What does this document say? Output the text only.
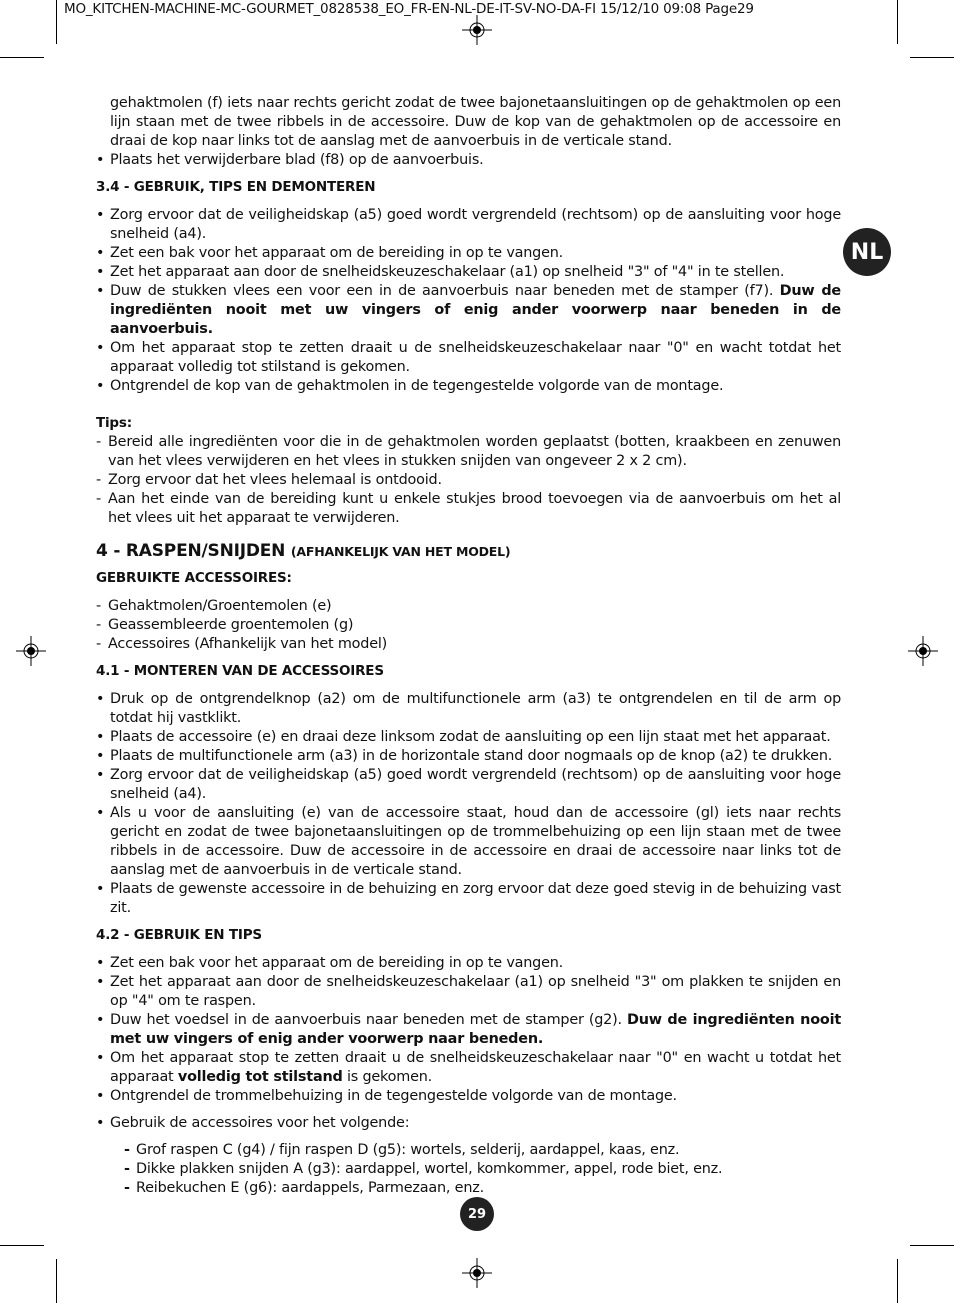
MO_KITCHEN-MACHINE-MC-GOURMET_0828538_EO_FR-EN-NL-DE-IT-SV-NO-DA-FI 15/12/10 09:08 Page29
NL

gehaktmolen (f) iets naar rechts gericht zodat de twee bajonetaansluitingen op de gehaktmolen op een lijn staan met de twee ribbels in de accessoire. Duw de kop van de gehaktmolen op de accessoire en draai de kop naar links tot de aanslag met de aanvoerbuis in de verticale stand.

• Plaats het verwijderbare blad (f8) op de aanvoerbuis.

3.4 - GEBRUIK, TIPS EN DEMONTEREN

• Zorg ervoor dat de veiligheidskap (a5) goed wordt vergrendeld (rechtsom) op de aansluiting voor hoge snelheid (a4).
• Zet een bak voor het apparaat om de bereiding in op te vangen.
• Zet het apparaat aan door de snelheidskeuzeschakelaar (a1) op snelheid "3" of "4" in te stellen.
• Duw de stukken vlees een voor een in de aanvoerbuis naar beneden met de stamper (f7). Duw de ingrediënten nooit met uw vingers of enig ander voorwerp naar beneden in de aanvoerbuis.
• Om het apparaat stop te zetten draait u de snelheidskeuzeschakelaar naar "0" en wacht totdat het apparaat volledig tot stilstand is gekomen.
• Ontgrendel de kop van de gehaktmolen in de tegengestelde volgorde van de montage.

Tips:

- Bereid alle ingrediënten voor die in de gehaktmolen worden geplaatst (botten, kraakbeen en zenuwen van het vlees verwijderen en het vlees in stukken snijden van ongeveer 2 x 2 cm).
- Zorg ervoor dat het vlees helemaal is ontdooid.
- Aan het einde van de bereiding kunt u enkele stukjes brood toevoegen via de aanvoerbuis om het al het vlees uit het apparaat te verwijderen.

4 - RASPEN/SNIJDEN (AFHANKELIJK VAN HET MODEL)

GEBRUIKTE ACCESSOIRES:

- Gehaktmolen/Groentemolen (e)
- Geassembleerde groentemolen (g)
- Accessoires (Afhankelijk van het model)

4.1 - MONTEREN VAN DE ACCESSOIRES

• Druk op de ontgrendelknop (a2) om de multifunctionele arm (a3) te ontgrendelen en til de arm op totdat hij vastklikt.
• Plaats de accessoire (e) en draai deze linksom zodat de aansluiting op een lijn staat met het apparaat.
• Plaats de multifunctionele arm (a3) in de horizontale stand door nogmaals op de knop (a2) te drukken.
• Zorg ervoor dat de veiligheidskap (a5) goed wordt vergrendeld (rechtsom) op de aansluiting voor hoge snelheid (a4).
• Als u voor de aansluiting (e) van de accessoire staat, houd dan de accessoire (gl) iets naar rechts gericht en zodat de twee bajonetaansluitingen op de trommelbehuizing op een lijn staan met de twee ribbels in de accessoire. Duw de accessoire in de accessoire en draai de accessoire naar links tot de aanslag met de aanvoerbuis in de verticale stand.
• Plaats de gewenste accessoire in de behuizing en zorg ervoor dat deze goed stevig in de behuizing vast zit.

4.2 - GEBRUIK EN TIPS

• Zet een bak voor het apparaat om de bereiding in op te vangen.
• Zet het apparaat aan door de snelheidskeuzeschakelaar (a1) op snelheid "3" om plakken te snijden en op "4" om te raspen.
• Duw het voedsel in de aanvoerbuis naar beneden met de stamper (g2). Duw de ingrediënten nooit met uw vingers of enig ander voorwerp naar beneden.
• Om het apparaat stop te zetten draait u de snelheidskeuzeschakelaar naar "0" en wacht u totdat het apparaat volledig tot stilstand is gekomen.
• Ontgrendel de trommelbehuizing in de tegengestelde volgorde van de montage.
• Gebruik de accessoires voor het volgende:
- Grof raspen C (g4) / fijn raspen D (g5): wortels, selderij, aardappel, kaas, enz.
- Dikke plakken snijden A (g3): aardappel, wortel, komkommer, appel, rode biet, enz.
- Reibekuchen E (g6): aardappels, Parmezaan, enz.
29
